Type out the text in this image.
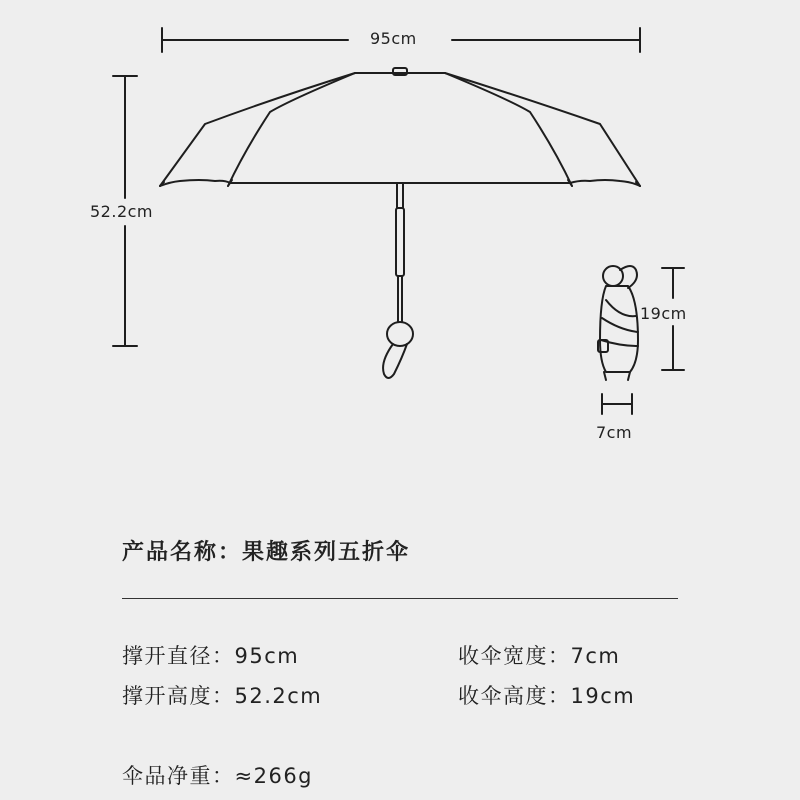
95cm
52.2cm
19cm
7cm
产品名称：果趣系列五折伞
撑开直径：95cm	收伞宽度：7cm
撑开高度：52.2cm	收伞高度：19cm
伞品净重：≈266g
